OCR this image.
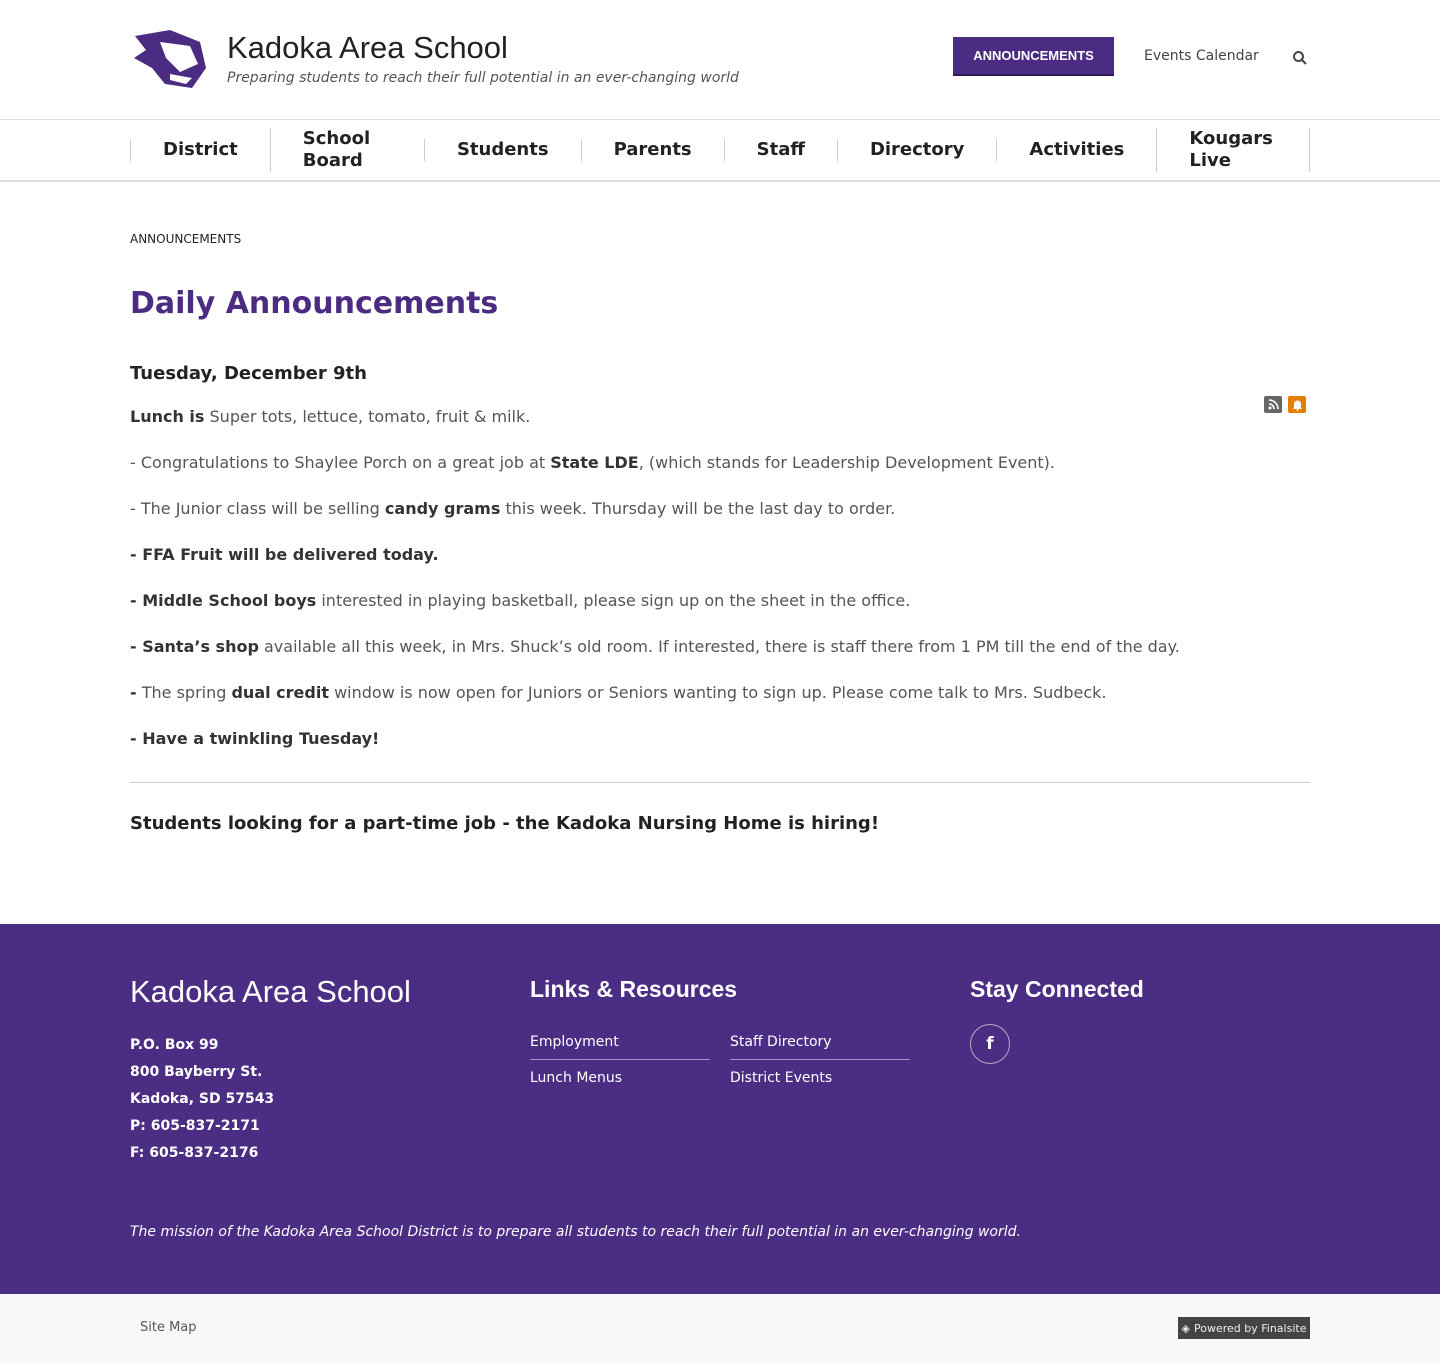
Kadoka Area School
Preparing students to reach their full potential in an ever-changing world
ANNOUNCEMENTS	Events Calendar
District
School Board
Students	Parents	Staff	Directory	Activities
Kougars Live
ANNOUNCEMENTS
Daily Announcements
Tuesday, December 9th

Lunch is Super tots, lettuce, tomato, fruit & milk.

- Congratulations to Shaylee Porch on a great job at State LDE, (which stands for Leadership Development Event).

- The Junior class will be selling candy grams this week. Thursday will be the last day to order.

- FFA Fruit will be delivered today.

- Middle School boys interested in playing basketball, please sign up on the sheet in the office.

- Santa’s shop available all this week, in Mrs. Shuck’s old room. If interested, there is staff there from 1 PM till the end of the day.

- The spring dual credit window is now open for Juniors or Seniors wanting to sign up. Please come talk to Mrs. Sudbeck.

- Have a twinkling Tuesday!

Students looking for a part-time job - the Kadoka Nursing Home is hiring!
Kadoka Area School
P.O. Box 99
800 Bayberry St.
Kadoka, SD 57543
P: 605-837-2171
F: 605-837-2176
Links & Resources
Employment	Staff Directory
Lunch Menus	District Events
Stay Connected
f
The mission of the Kadoka Area School District is to prepare all students to reach their full potential in an ever-changing world.
Site Map	◈ Powered by Finalsite
